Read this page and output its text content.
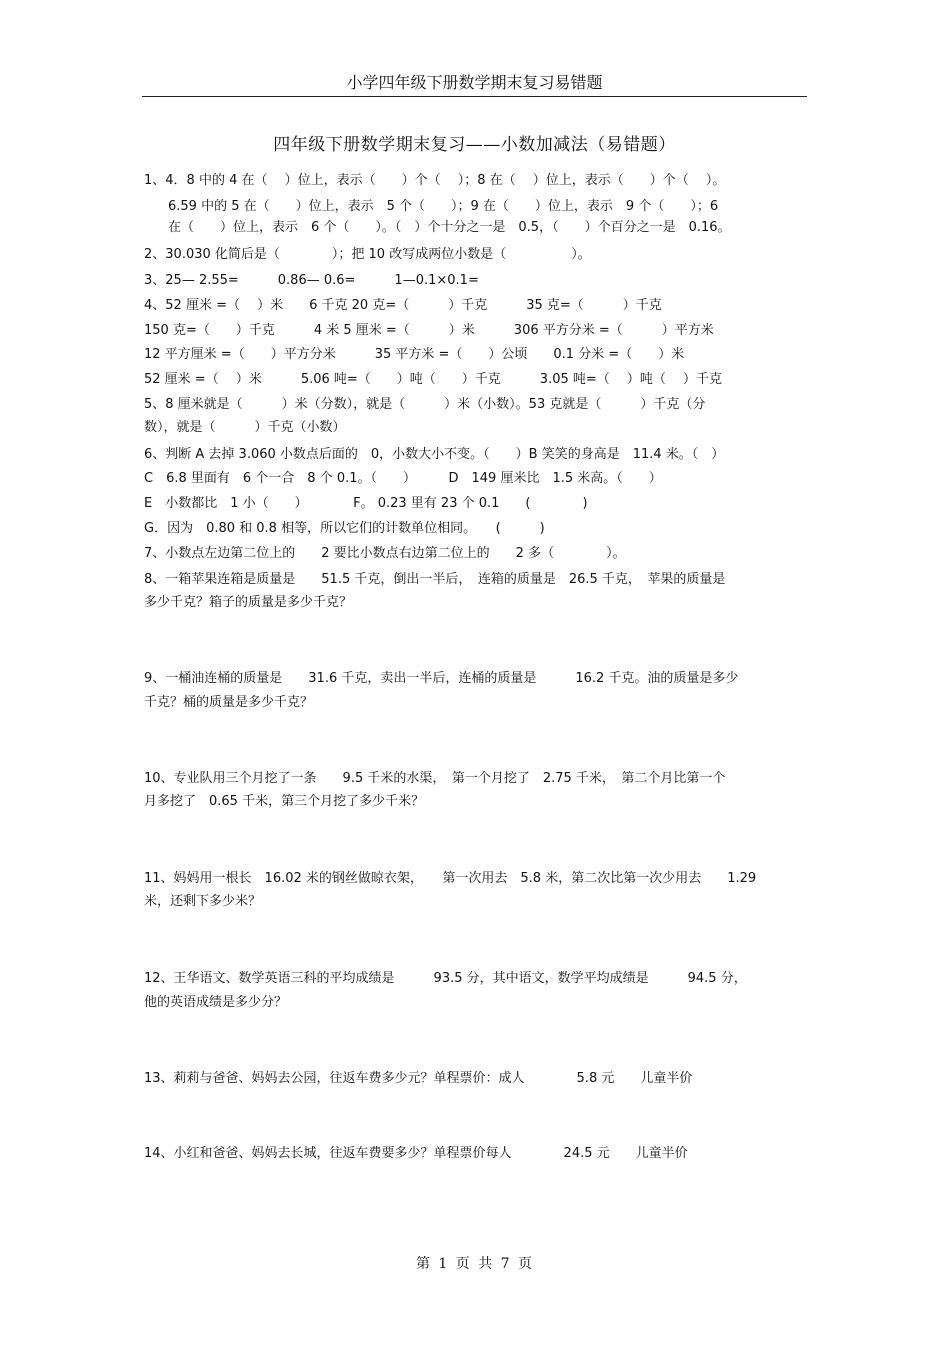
小学四年级下册数学期末复习易错题
四年级下册数学期末复习——小数加减法（易错题）
1、4．8 中的 4 在（　 ）位上，表示（　　）个（　 ）；8 在（　 ）位上，表示（　　）个（　 ）。
6.59 中的 5 在（　　）位上，表示　5 个（　　）；9 在（　　）位上，表示　9 个（　　）；6
在（　　）位上，表示　6 个（　　）。（　）个十分之一是　0.5，（　　）个百分之一是　0.16。
2、30.030 化简后是（　　　　）；把 10 改写成两位小数是（　　　　　）。
3、25— 2.55=　　　0.86— 0.6=　　　1—0.1×0.1=
4、52 厘米 =（　 ）米　　6 千克 20 克=（　　　）千克　　　35 克=（　　　）千克
150 克=（　　）千克　　　4 米 5 厘米 =（　　　）米　　　306 平方分米 =（　　　）平方米
12 平方厘米 =（　　）平方分米　　　35 平方米 =（　　）公顷　　0.1 分米 =（　　）米
52 厘米 =（　 ）米　　　5.06 吨=（　　）吨（　　）千克　　　3.05 吨=（　 ）吨（　 ）千克
5、8 厘米就是（　　　）米（分数），就是（　　　）米（小数）。53 克就是（　　　）千克（分
数），就是（　　　）千克（小数）
6、判断 A 去掉 3.060 小数点后面的　0，小数大小不变。（　　）B 笑笑的身高是　11.4 米。（　）
C　6.8 里面有　6 个一合　8 个 0.1。（　　）　　　D　149 厘米比　1.5 米高。（　　）
E　小数都比　1 小（　　）　　　　F。 0.23 里有 23 个 0.1　　(　　　　)
G．因为　0.80 和 0.8 相等，所以它们的计数单位相同。　　(　　　)
7、小数点左边第二位上的　　2 要比小数点右边第二位上的　　2 多（　　　　）。
8、一箱苹果连箱是质量是　　51.5 千克，倒出一半后，　连箱的质量是　26.5 千克，　苹果的质量是
多少千克？箱子的质量是多少千克？
9、一桶油连桶的质量是　　31.6 千克，卖出一半后，连桶的质量是　　　16.2 千克。油的质量是多少
千克？桶的质量是多少千克？
10、专业队用三个月挖了一条　　9.5 千米的水渠，　第一个月挖了　2.75 千米，　第二个月比第一个
月多挖了　0.65 千米，第三个月挖了多少千米？
11、妈妈用一根长　16.02 米的钢丝做晾衣架，　　第一次用去　5.8 米，第二次比第一次少用去　　1.29
米，还剩下多少米？
12、王华语文、数学英语三科的平均成绩是　　　93.5 分，其中语文，数学平均成绩是　　　94.5 分，
他的英语成绩是多少分？
13、莉莉与爸爸、妈妈去公园，往返车费多少元？单程票价：成人　　　　5.8 元　　儿童半价
14、小红和爸爸、妈妈去长城，往返车费要多少？单程票价每人　　　　24.5 元　　儿童半价
第 1 页 共 7 页
